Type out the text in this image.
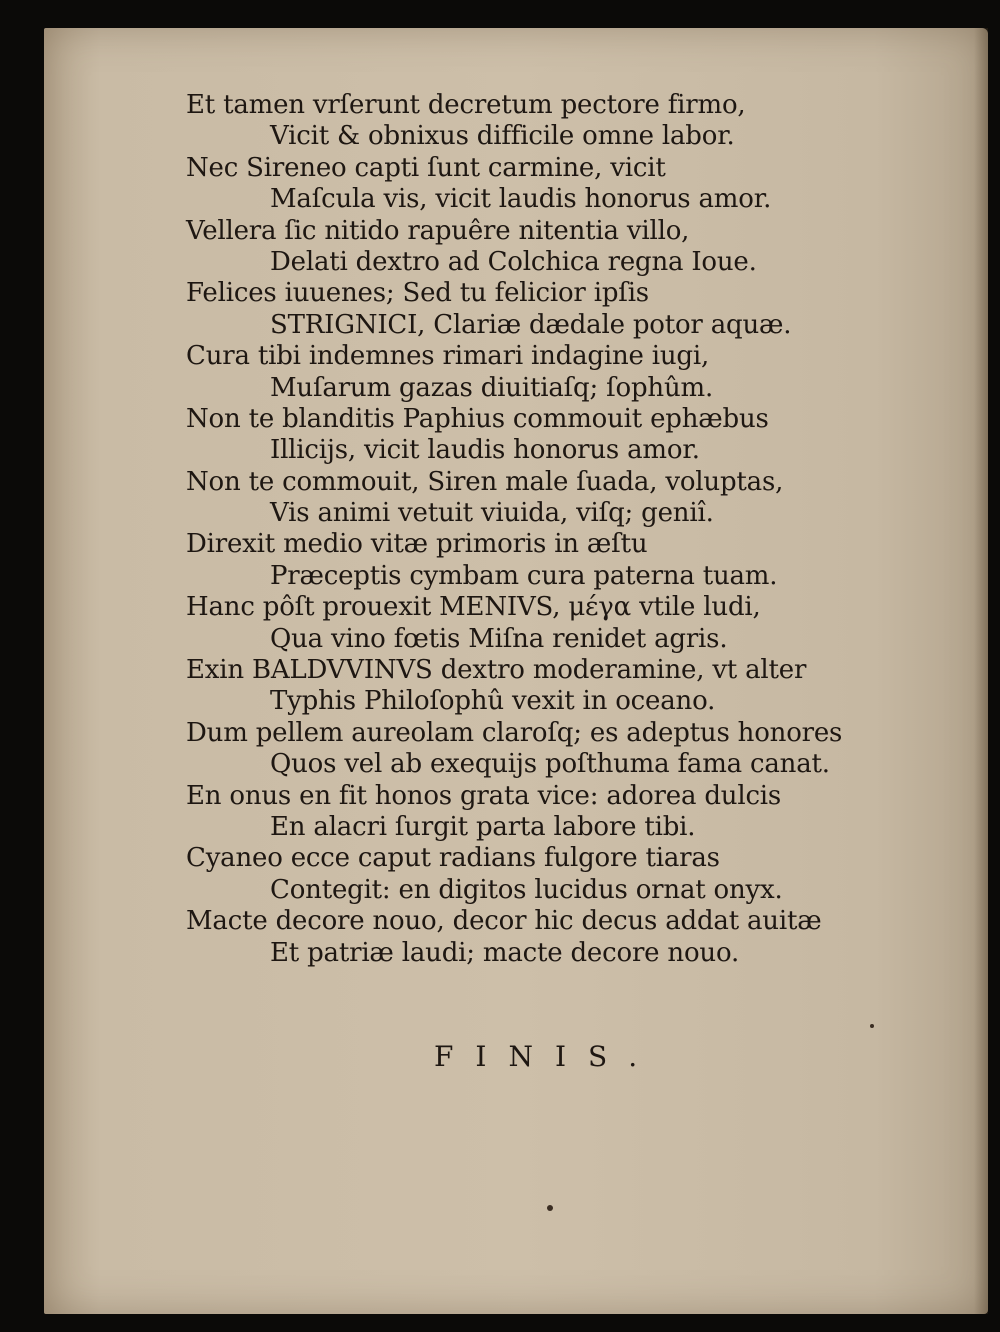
Et tamen vrſerunt decretum pectore firmo,

Vicit & obnixus difficile omne labor.

Nec Sireneo capti ſunt carmine, vicit

Maſcula vis, vicit laudis honorus amor.

Vellera ſic nitido rapuêre nitentia villo,

Delati dextro ad Colchica regna Ioue.

Felices iuuenes; Sed tu felicior ipſis

STRIGNICI, Clariæ dædale potor aquæ.

Cura tibi indemnes rimari indagine iugi,

Muſarum gazas diuitiaſq; ſophûm.

Non te blanditis Paphius commouit ephæbus

Illicijs, vicit laudis honorus amor.

Non te commouit, Siren male ſuada, voluptas,

Vis animi vetuit viuida, viſq; geniî.

Direxit medio vitæ primoris in æſtu

Præceptis cymbam cura paterna tuam.

Hanc pôſt prouexit MENIVS, μέγα vtile ludi,

Qua vino fœtis Miſna renidet agris.

Exin BALDVVINVS dextro moderamine, vt alter

Typhis Philoſophû vexit in oceano.

Dum pellem aureolam claroſq; es adeptus honores

Quos vel ab exequijs poſthuma fama canat.

En onus en fit honos grata vice: adorea dulcis

En alacri ſurgit parta labore tibi.

Cyaneo ecce caput radians fulgore tiaras

Contegit: en digitos lucidus ornat onyx.

Macte decore nouo, decor hic decus addat auitæ

Et patriæ laudi; macte decore nouo.

FINIS.
